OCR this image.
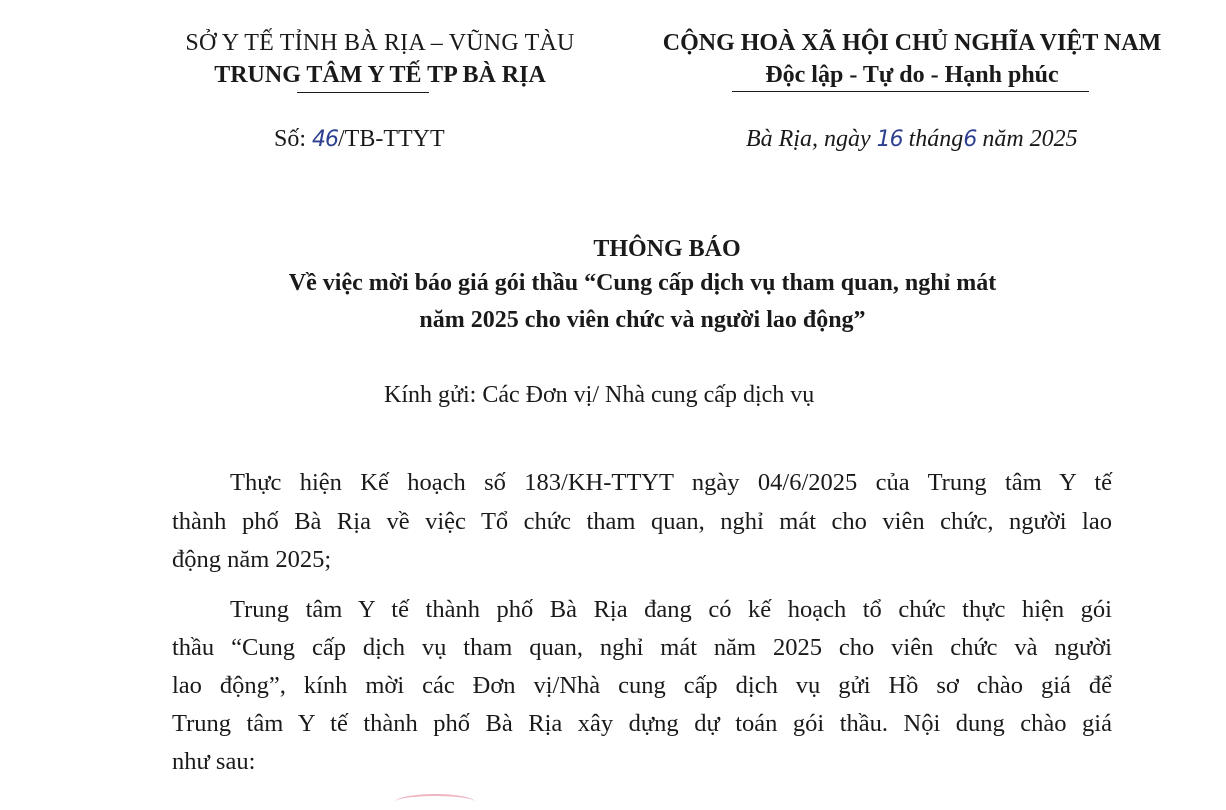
SỞ Y TẾ TỈNH BÀ RỊA – VŨNG TÀU
TRUNG TÂM Y TẾ TP BÀ RỊA
CỘNG HOÀ XÃ HỘI CHỦ NGHĨA VIỆT NAM
Độc lập - Tự do - Hạnh phúc
Số: 46/TB-TTYT	Bà Rịa, ngày 16 tháng6 năm 2025
THÔNG BÁO
Về việc mời báo giá gói thầu “Cung cấp dịch vụ tham quan, nghỉ mát
năm 2025 cho viên chức và người lao động”
Kính gửi: Các Đơn vị/ Nhà cung cấp dịch vụ
Thực hiện Kế hoạch số 183/KH-TTYT ngày 04/6/2025 của Trung tâm Y tế
thành phố Bà Rịa về việc Tổ chức tham quan, nghỉ mát cho viên chức, người lao
động năm 2025;
Trung tâm Y tế thành phố Bà Rịa đang có kế hoạch tổ chức thực hiện gói
thầu “Cung cấp dịch vụ tham quan, nghỉ mát năm 2025 cho viên chức và người
lao động”, kính mời các Đơn vị/Nhà cung cấp dịch vụ gửi Hồ sơ chào giá để
Trung tâm Y tế thành phố Bà Rịa xây dựng dự toán gói thầu. Nội dung chào giá
như sau:
